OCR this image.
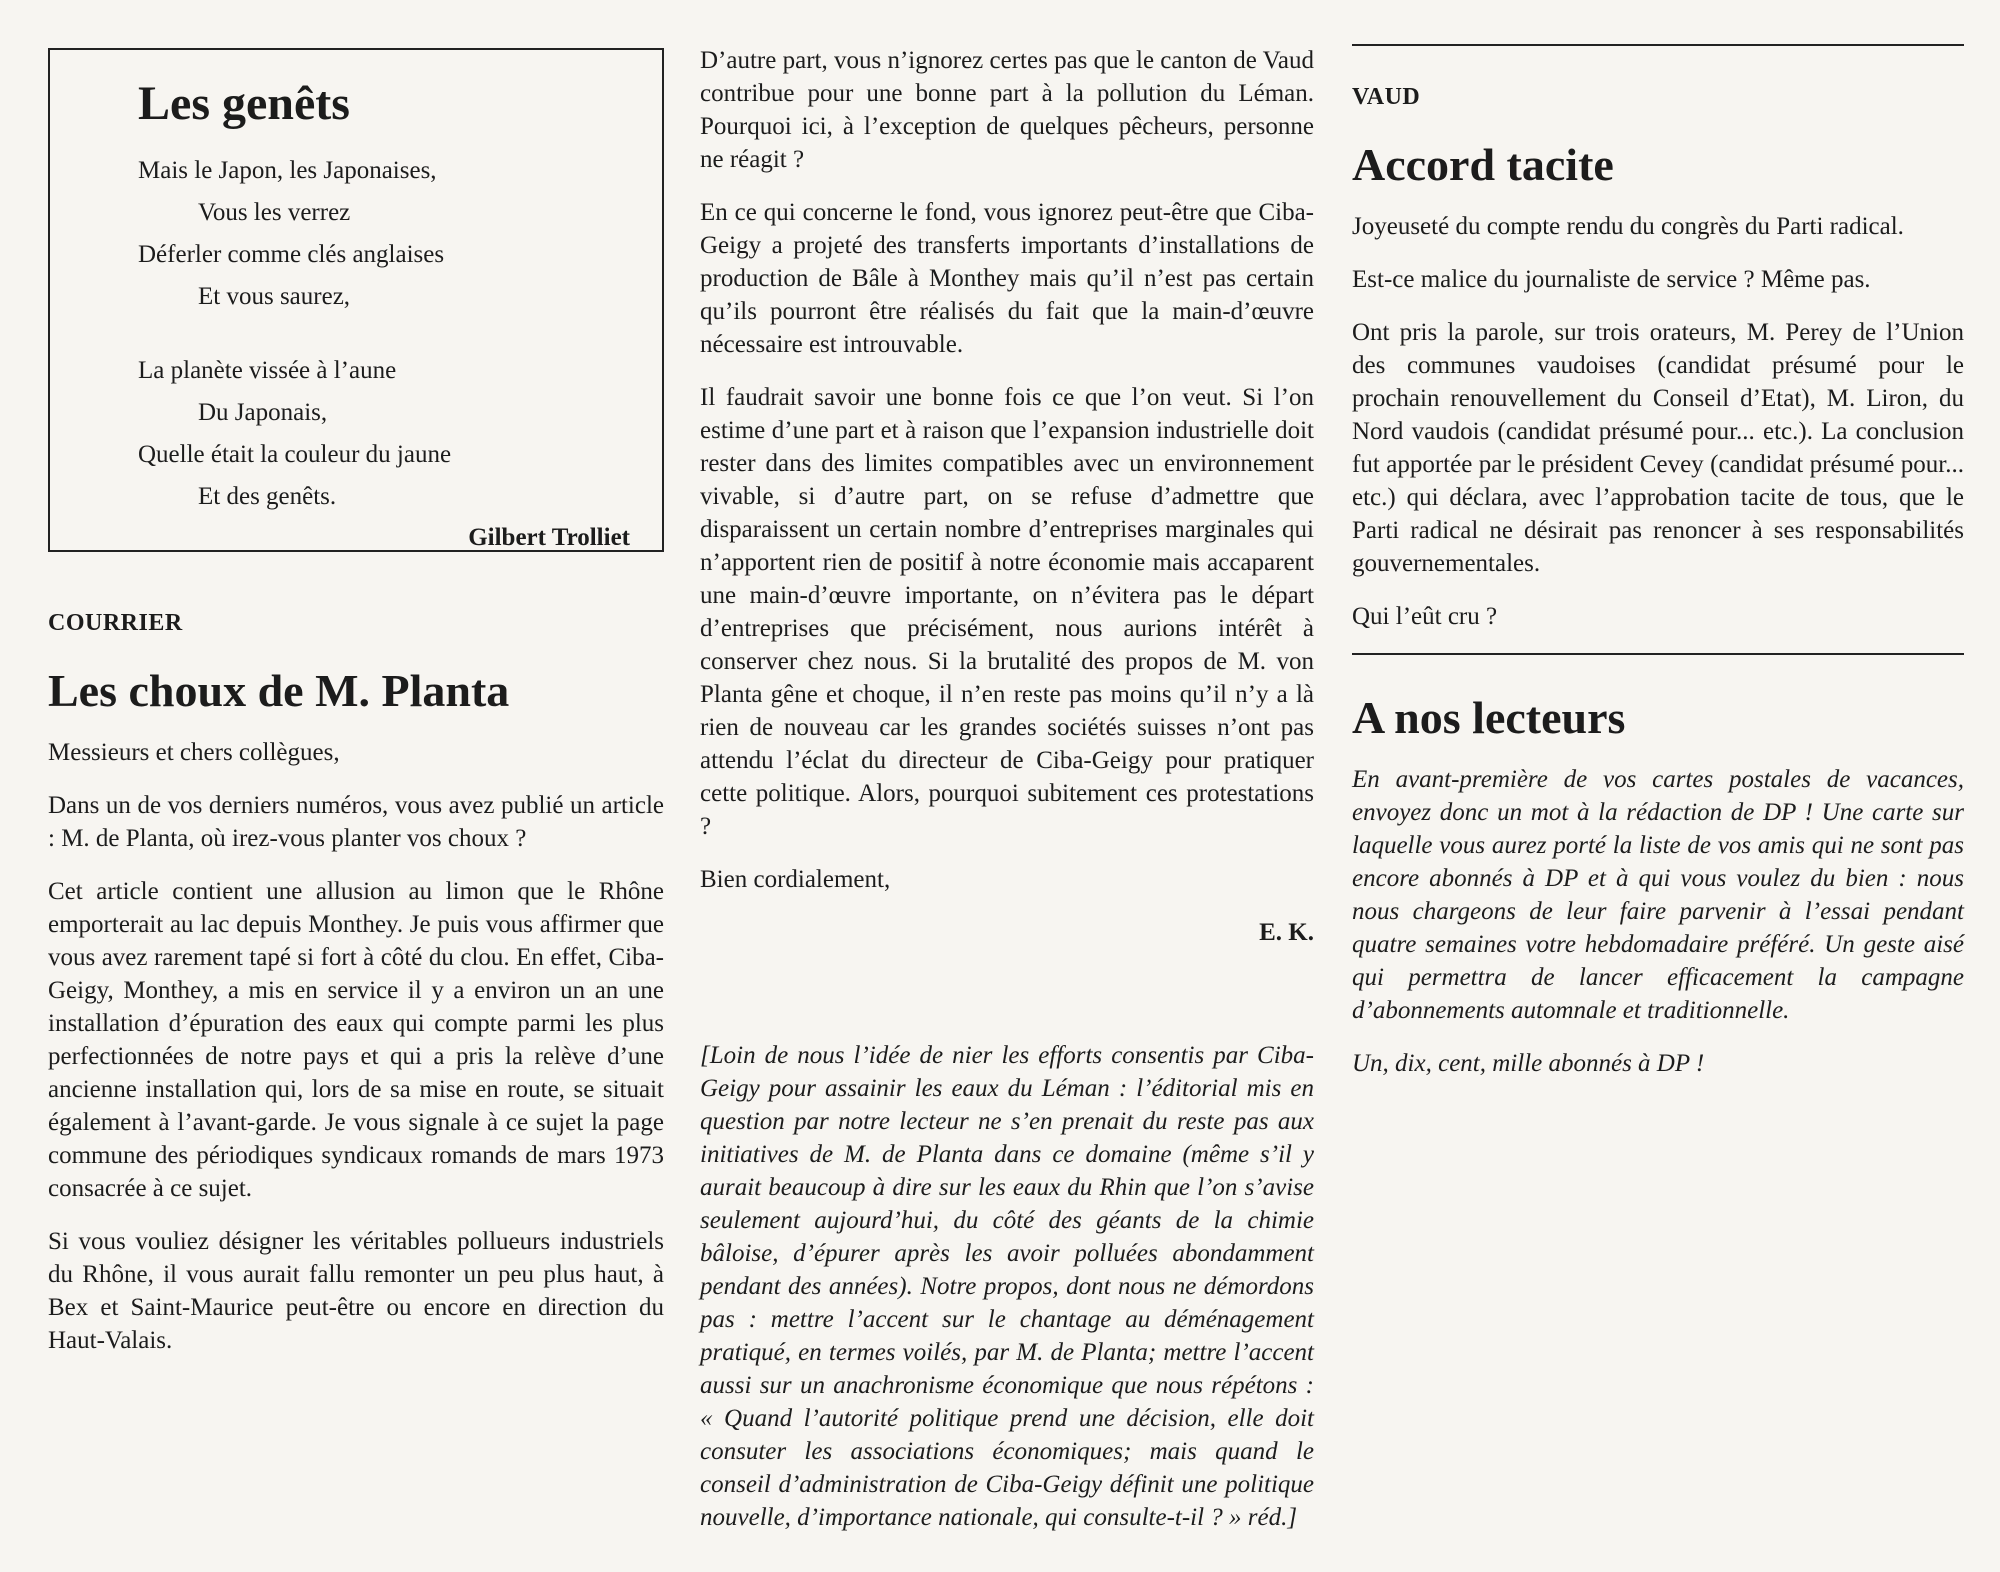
Les genêts
Mais le Japon, les Japonaises,
Vous les verrez
Déferler comme clés anglaises
Et vous saurez,
La planète vissée à l’aune
Du Japonais,
Quelle était la couleur du jaune
Et des genêts.
Gilbert Trolliet
COURRIER
Les choux de M. Planta

Messieurs et chers collègues,

Dans un de vos derniers numéros, vous avez publié un article : M. de Planta, où irez-vous planter vos choux ?

Cet article contient une allusion au limon que le Rhône emporterait au lac depuis Monthey. Je puis vous affirmer que vous avez rarement tapé si fort à côté du clou. En effet, Ciba-Geigy, Monthey, a mis en service il y a environ un an une installation d’épuration des eaux qui compte parmi les plus perfectionnées de notre pays et qui a pris la relève d’une ancienne installation qui, lors de sa mise en route, se situait également à l’avant-garde. Je vous signale à ce sujet la page commune des périodiques syndicaux romands de mars 1973 consacrée à ce sujet.

Si vous vouliez désigner les véritables pollueurs industriels du Rhône, il vous aurait fallu remonter un peu plus haut, à Bex et Saint-Maurice peut-être ou encore en direction du Haut-Valais.

D’autre part, vous n’ignorez certes pas que le canton de Vaud contribue pour une bonne part à la pollution du Léman. Pourquoi ici, à l’exception de quelques pêcheurs, personne ne réagit ?

En ce qui concerne le fond, vous ignorez peut-être que Ciba-Geigy a projeté des transferts importants d’installations de production de Bâle à Monthey mais qu’il n’est pas certain qu’ils pourront être réalisés du fait que la main-d’œuvre nécessaire est introuvable.

Il faudrait savoir une bonne fois ce que l’on veut. Si l’on estime d’une part et à raison que l’expansion industrielle doit rester dans des limites compatibles avec un environnement vivable, si d’autre part, on se refuse d’admettre que disparaissent un certain nombre d’entreprises marginales qui n’apportent rien de positif à notre économie mais accaparent une main-d’œuvre importante, on n’évitera pas le départ d’entreprises que précisément, nous aurions intérêt à conserver chez nous. Si la brutalité des propos de M. von Planta gêne et choque, il n’en reste pas moins qu’il n’y a là rien de nouveau car les grandes sociétés suisses n’ont pas attendu l’éclat du directeur de Ciba-Geigy pour pratiquer cette politique. Alors, pourquoi subitement ces protestations ?

Bien cordialement,

E. K.

[Loin de nous l’idée de nier les efforts consentis par Ciba-Geigy pour assainir les eaux du Léman : l’éditorial mis en question par notre lecteur ne s’en prenait du reste pas aux initiatives de M. de Planta dans ce domaine (même s’il y aurait beaucoup à dire sur les eaux du Rhin que l’on s’avise seulement aujourd’hui, du côté des géants de la chimie bâloise, d’épurer après les avoir polluées abondamment pendant des années). Notre propos, dont nous ne démordons pas : mettre l’accent sur le chantage au déménagement pratiqué, en termes voilés, par M. de Planta; mettre l’accent aussi sur un anachronisme économique que nous répétons : « Quand l’autorité politique prend une décision, elle doit consuter les associations économiques; mais quand le conseil d’administration de Ciba-Geigy définit une politique nouvelle, d’importance nationale, qui consulte-t-il ? » réd.]

VAUD
Accord tacite

Joyeuseté du compte rendu du congrès du Parti radical.

Est-ce malice du journaliste de service ? Même pas.

Ont pris la parole, sur trois orateurs, M. Perey de l’Union des communes vaudoises (candidat présumé pour le prochain renouvellement du Conseil d’Etat), M. Liron, du Nord vaudois (candidat présumé pour... etc.). La conclusion fut apportée par le président Cevey (candidat présumé pour... etc.) qui déclara, avec l’approbation tacite de tous, que le Parti radical ne désirait pas renoncer à ses responsabilités gouvernementales.

Qui l’eût cru ?

A nos lecteurs

En avant-première de vos cartes postales de vacances, envoyez donc un mot à la rédaction de DP ! Une carte sur laquelle vous aurez porté la liste de vos amis qui ne sont pas encore abonnés à DP et à qui vous voulez du bien : nous nous chargeons de leur faire parvenir à l’essai pendant quatre semaines votre hebdomadaire préféré. Un geste aisé qui permettra de lancer efficacement la campagne d’abonnements automnale et traditionnelle.

Un, dix, cent, mille abonnés à DP !
